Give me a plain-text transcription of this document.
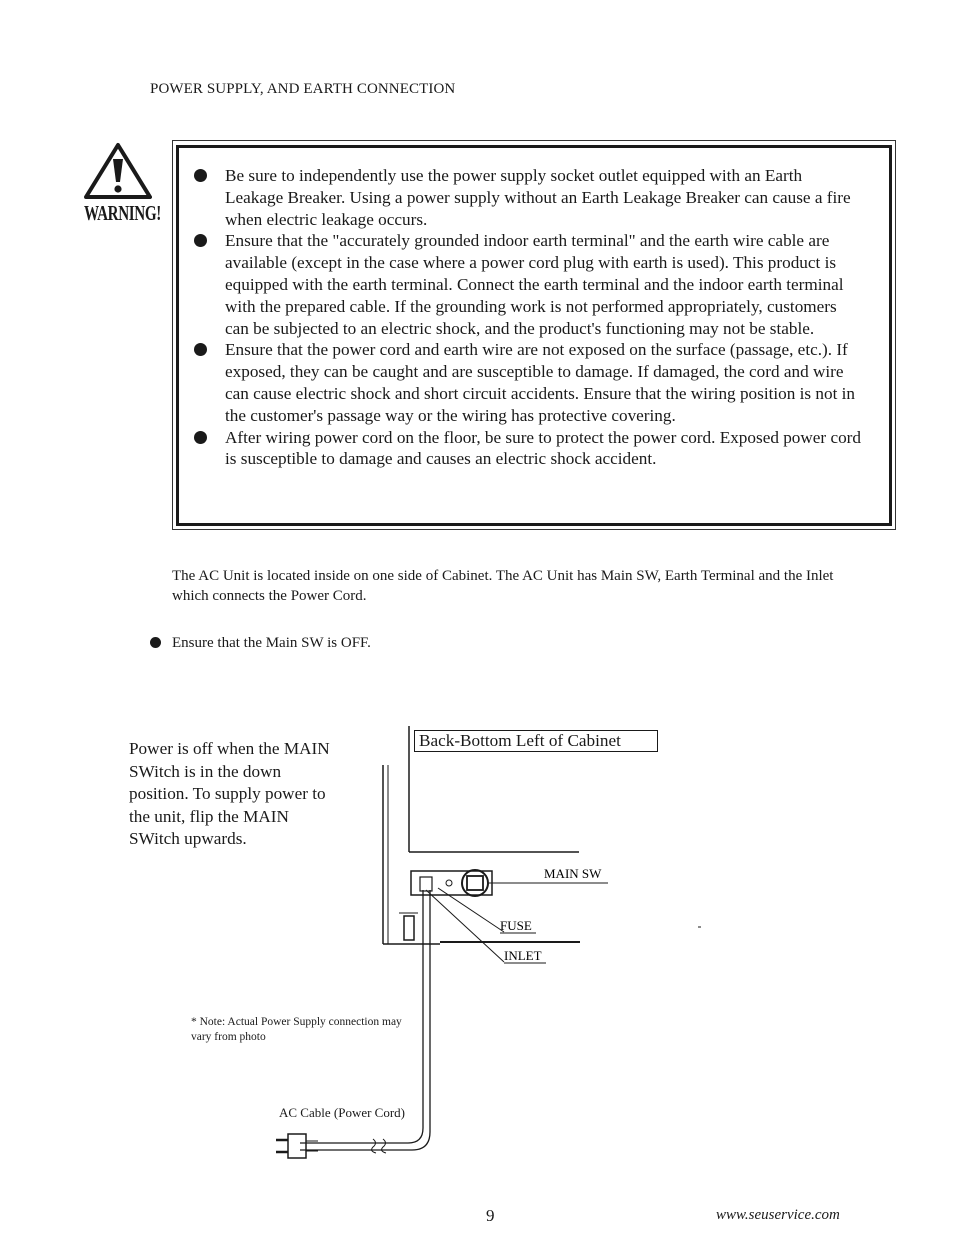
POWER SUPPLY, AND EARTH CONNECTION
WARNING!
Be sure to independently use the power supply socket outlet equipped with an Earth Leakage Breaker. Using a power supply without an Earth Leakage Breaker can cause a fire when electric leakage occurs.
Ensure that the "accurately grounded indoor earth terminal" and the earth wire cable are available (except in the case where a power cord plug with earth is used). This product is equipped with the earth terminal. Connect the earth terminal and the indoor earth terminal with the prepared cable. If the grounding work is not performed appropriately, customers can be subjected to an electric shock, and the product's functioning may not be stable.
Ensure that the power cord and earth wire are not exposed on the surface (passage, etc.). If exposed, they can be caught and are susceptible to damage. If damaged, the cord and wire can cause electric shock and short circuit accidents. Ensure that the wiring position is not in the customer's passage way or the wiring has protective covering.
After wiring power cord on the floor, be sure to protect the power cord. Exposed power cord is susceptible to damage and causes an electric shock accident.
The AC Unit is located inside on one side of Cabinet. The AC Unit has Main SW, Earth Terminal and the Inlet which connects the Power Cord.
Ensure that the Main SW is OFF.
Power is off when the MAIN SWitch is in the down position. To supply power to the unit, flip the MAIN SWitch upwards.
MAIN SW
FUSE
INLET
Back-Bottom Left of Cabinet
* Note: Actual Power Supply connection may vary from photo
AC Cable (Power Cord)
9	www.seuservice.com
